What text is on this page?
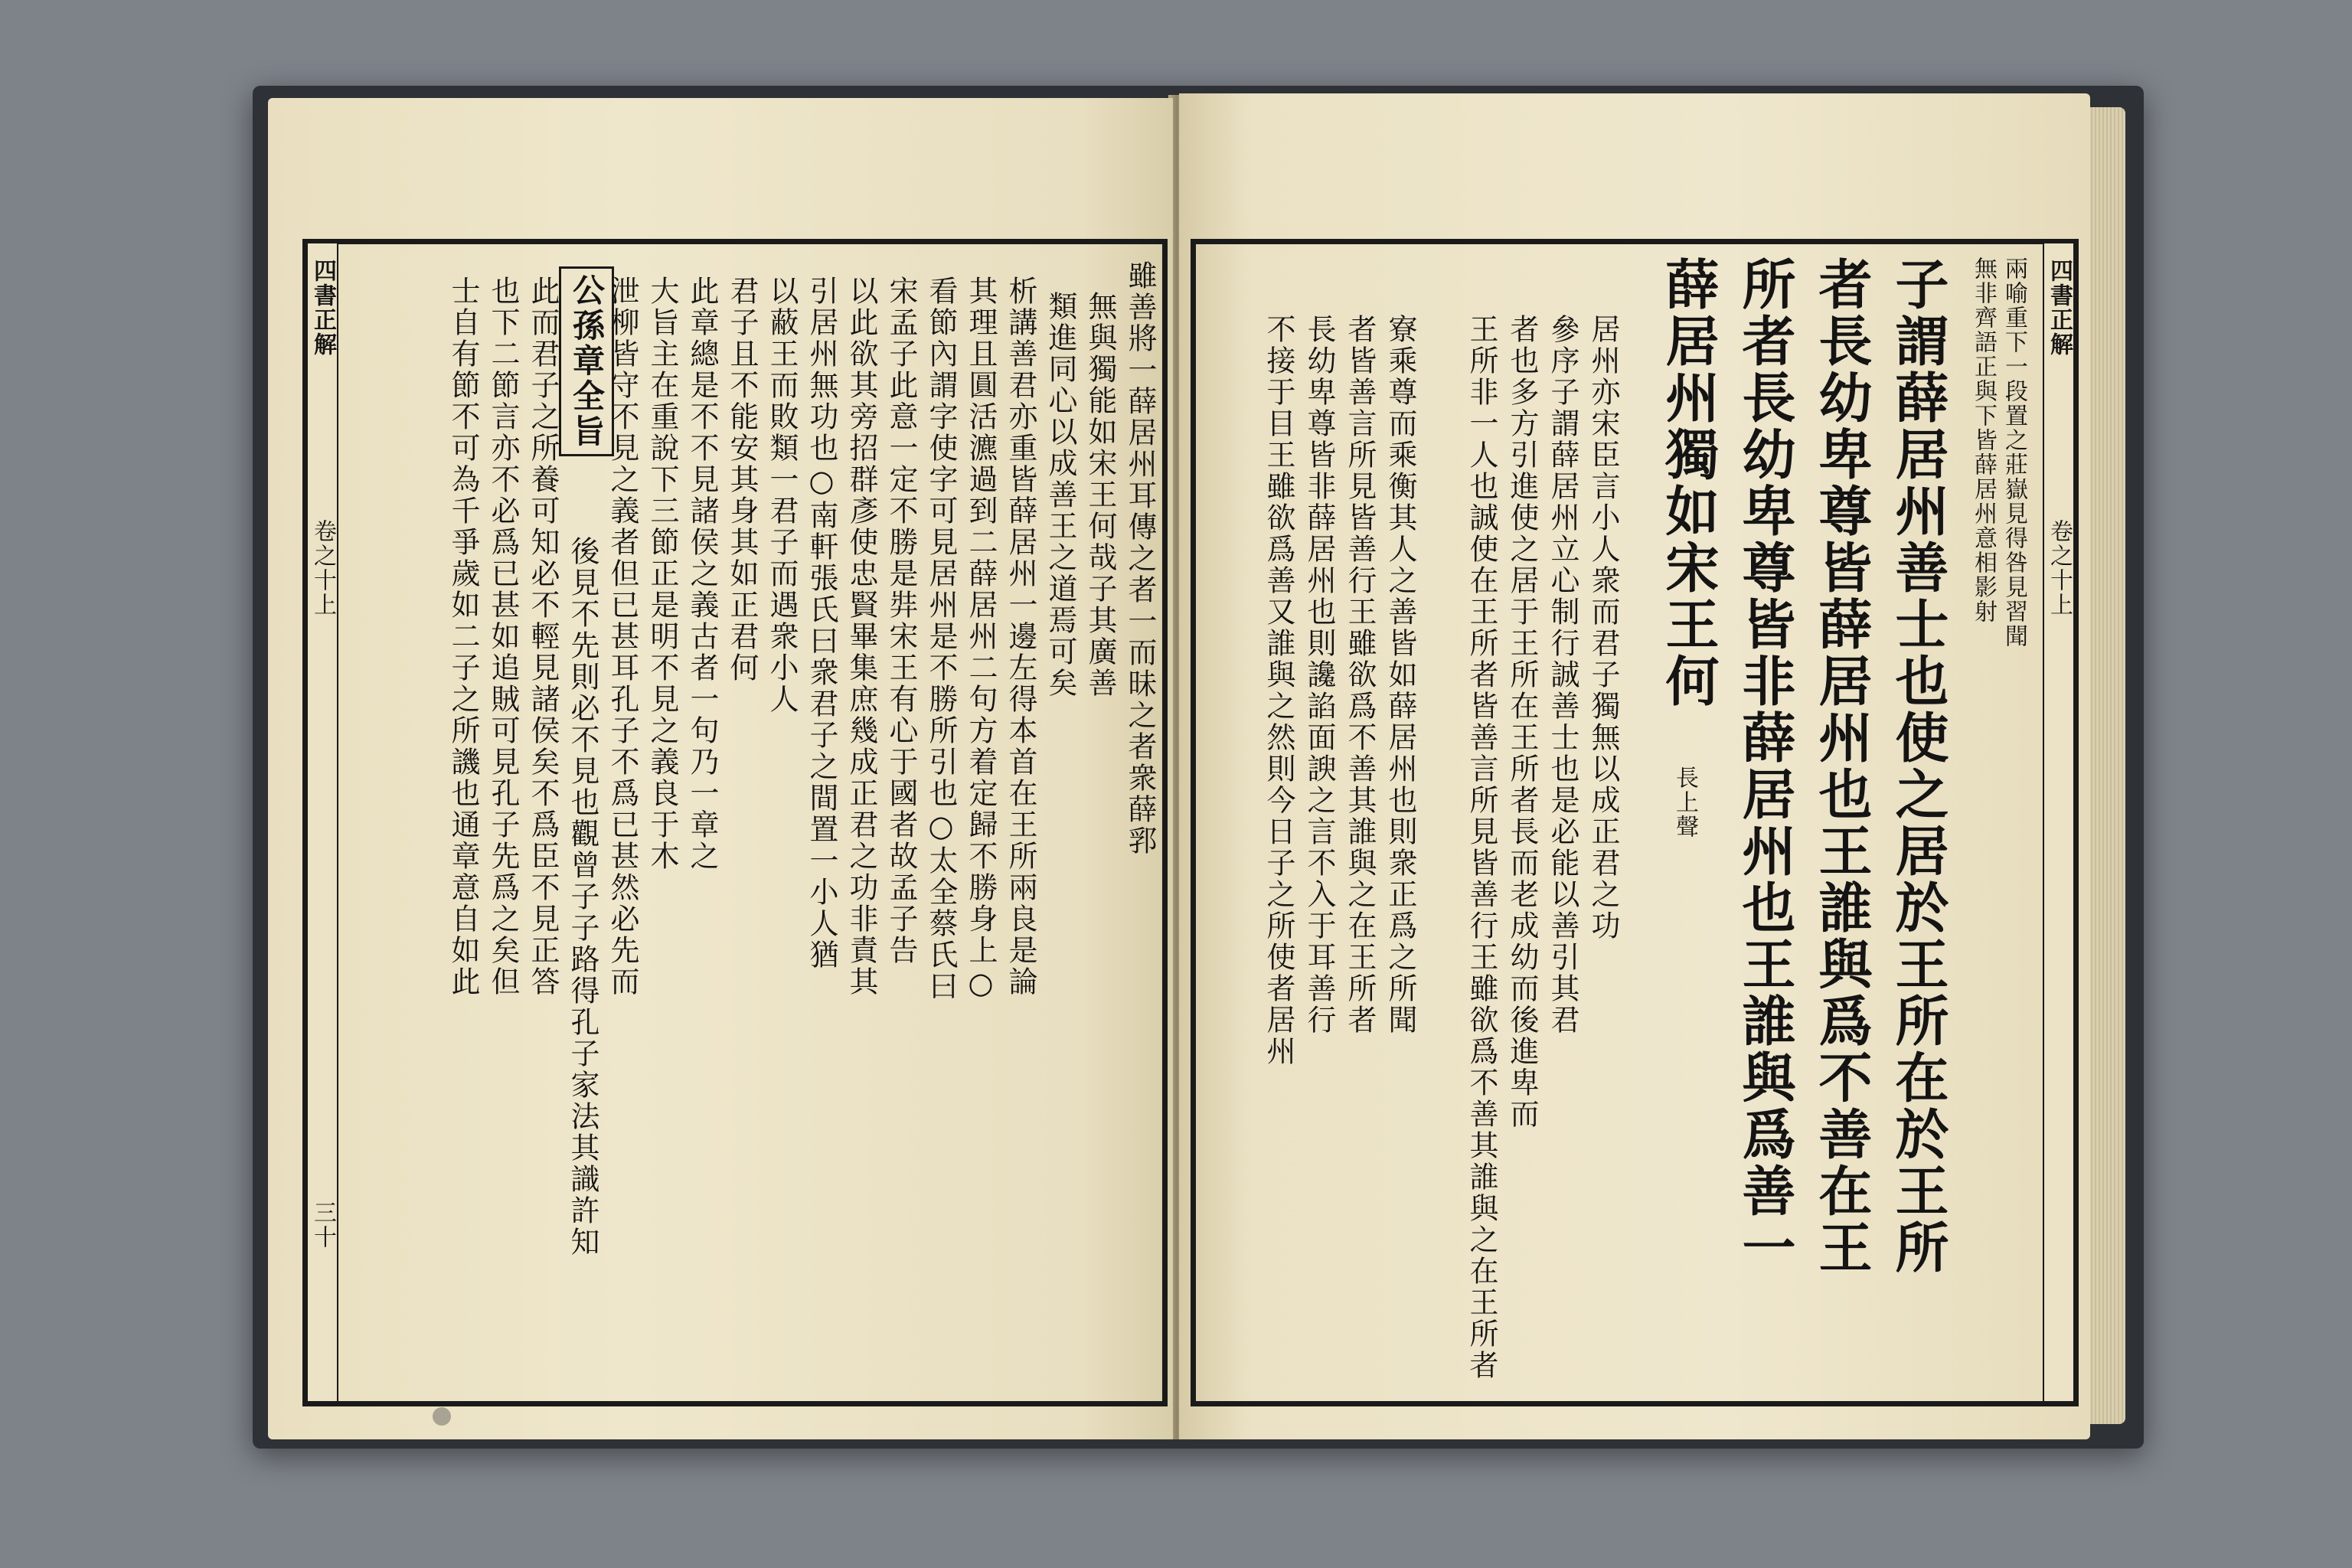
四書正解
卷之十上
三十
公孫章全旨	雖善將一薛居州耳傳之者一而昧之者衆薛郛
無與獨能如宋王何哉子其廣善
類進同心以成善王之道焉可矣
析講善君亦重皆薛居州一邊左得本首在王所兩良是論
其理且圓活瀌過到二薛居州二句方着定歸不勝身上○
看節內謂字使字可見居州是不勝所引也○太全蔡氏曰
宋孟子此意一定不勝是弉宋王有心于國者故孟子告
以此欲其旁招群彥使忠賢畢集庶幾成正君之功非責其
引居州無功也○南軒張氏曰衆君子之間置一小人猶
以蔽王而敗類一君子而遇衆小人
君子且不能安其身其如正君何
此章總是不不見諸侯之義古者一句乃一章之
大旨主在重說下三節正是明不見之義良于木
泄柳皆守不見之義者但已甚耳孔子不爲已甚然必先而
後見不先則必不見也觀曾子子路得孔子家法其識許知
此而君子之所養可知必不輕見諸侯矣不爲臣不見正答
也下二節言亦不必爲已甚如追賊可見孔子先爲之矣但
士自有節不可為千爭歲如二子之所譏也通章意自如此	四書正解
卷之十上
兩喻重下一段置之莊嶽見得咎見習聞
無非齊語正與下皆薛居州意相影射
子謂薛居州善士也使之居於王所在於王所
者長幼卑尊皆薛居州也王誰與爲不善在王
所者長幼卑尊皆非薛居州也王誰與爲善一
薛居州獨如宋王何
長上聲
居州亦宋臣言小人衆而君子獨無以成正君之功
參序子謂薛居州立心制行誠善士也是必能以善引其君
者也多方引進使之居于王所在王所者長而老成幼而後進卑而
王所非一人也誠使在王所者皆善言所見皆善行王雖欲爲不善其誰與之在王所者
寮乘尊而乘衡其人之善皆如薛居州也則衆正爲之所聞
者皆善言所見皆善行王雖欲爲不善其誰與之在王所者
長幼卑尊皆非薛居州也則讒諂面諛之言不入于耳善行
不接于目王雖欲爲善又誰與之然則今日子之所使者居州
